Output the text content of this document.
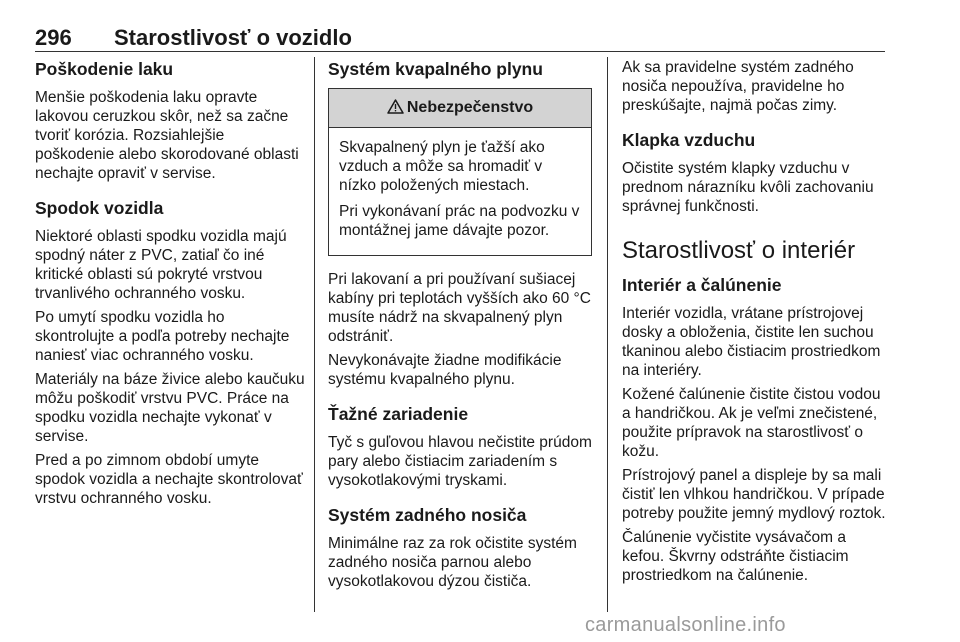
296 Starostlivosť o vozidlo
Poškodenie laku

Menšie poškodenia laku opravte lakovou ceruzkou skôr, než sa začne tvoriť korózia. Rozsiahlejšie poškodenie alebo skorodované oblasti nechajte opraviť v servise.

Spodok vozidla

Niektoré oblasti spodku vozidla majú spodný náter z PVC, zatiaľ čo iné kritické oblasti sú pokryté vrstvou trvanlivého ochranného vosku.

Po umytí spodku vozidla ho skontrolujte a podľa potreby nechajte naniesť viac ochranného vosku.

Materiály na báze živice alebo kaučuku môžu poškodiť vrstvu PVC. Práce na spodku vozidla nechajte vykonať v servise.

Pred a po zimnom období umyte spodok vozidla a nechajte skontrolovať vrstvu ochranného vosku.

Systém kvapalného plynu
Nebezpečenstvo

Skvapalnený plyn je ťažší ako vzduch a môže sa hromadiť v nízko položených miestach.

Pri vykonávaní prác na podvozku v montážnej jame dávajte pozor.

Pri lakovaní a pri používaní sušiacej kabíny pri teplotách vyšších ako 60 °C musíte nádrž na skvapalnený plyn odstrániť.

Nevykonávajte žiadne modifikácie systému kvapalného plynu.

Ťažné zariadenie

Tyč s guľovou hlavou nečistite prúdom pary alebo čistiacim zariadením s vysokotlakovými tryskami.

Systém zadného nosiča

Minimálne raz za rok očistite systém zadného nosiča parnou alebo vysokotlakovou dýzou čističa.

Ak sa pravidelne systém zadného nosiča nepoužíva, pravidelne ho preskúšajte, najmä počas zimy.

Klapka vzduchu

Očistite systém klapky vzduchu v prednom nárazníku kvôli zachovaniu správnej funkčnosti.

Starostlivosť o interiér
Interiér a čalúnenie

Interiér vozidla, vrátane prístrojovej dosky a obloženia, čistite len suchou tkaninou alebo čistiacim prostriedkom na interiéry.

Kožené čalúnenie čistite čistou vodou a handričkou. Ak je veľmi znečistené, použite prípravok na starostlivosť o kožu.

Prístrojový panel a displeje by sa mali čistiť len vlhkou handričkou. V prípade potreby použite jemný mydlový roztok.

Čalúnenie vyčistite vysávačom a kefou. Škvrny odstráňte čistiacim prostriedkom na čalúnenie.

carmanualsonline.info
